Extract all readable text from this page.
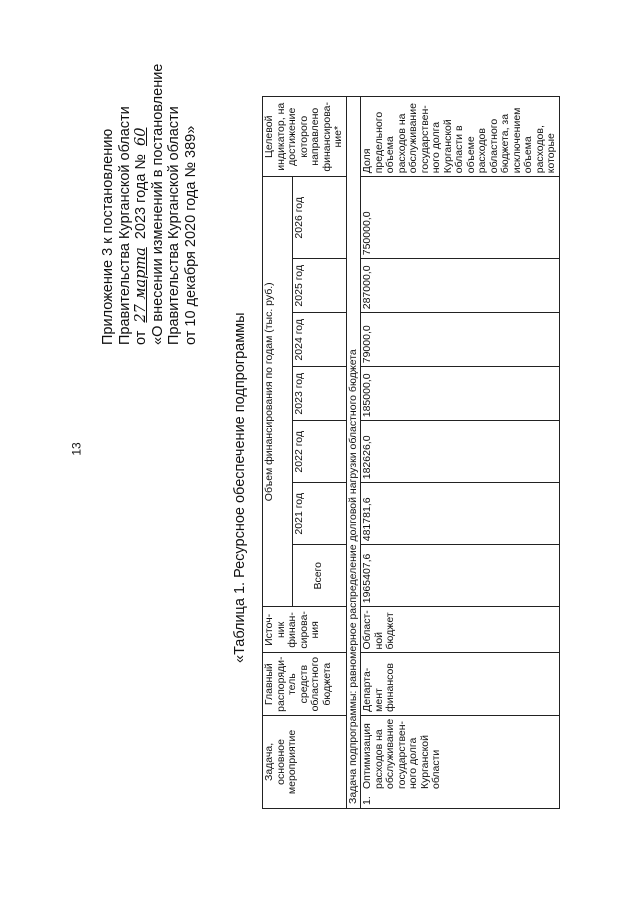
13
Приложение 3 к постановлению Правительства Курганской области от 27 марта 2023 года № 60 «О внесении изменений в постановление Правительства Курганской области от 10 декабря 2020 года № 389»
«Таблица 1. Ресурсное обеспечение подпрограммы
Задача, основное мероприятие	Главный распоряди-тель средств областного бюджета	Источ-ник финан-сирова-ния	Объем финансирования по годам (тыс. руб.)							Целевой индикатор, на достижение которого направлено финансирова-ние*
			Всего	2021 год	2022 год	2023 год	2024 год	2025 год	2026 год	
Задача подпрограммы: равномерное распределение долговой нагрузки областного бюджета										

1.
Оптимизация расходов на обслуживание государствен-ного долга Курганской области	Департа-мент финансов	Област-ной бюджет	1965407,6	481781,6	182626,0	185000,0	79000,0	287000,0	750000,0	Доля предельного объема расходов на обслуживание государствен-ного долга Курганской области в объеме расходов областного бюджета, за исключением объема расходов, которые
